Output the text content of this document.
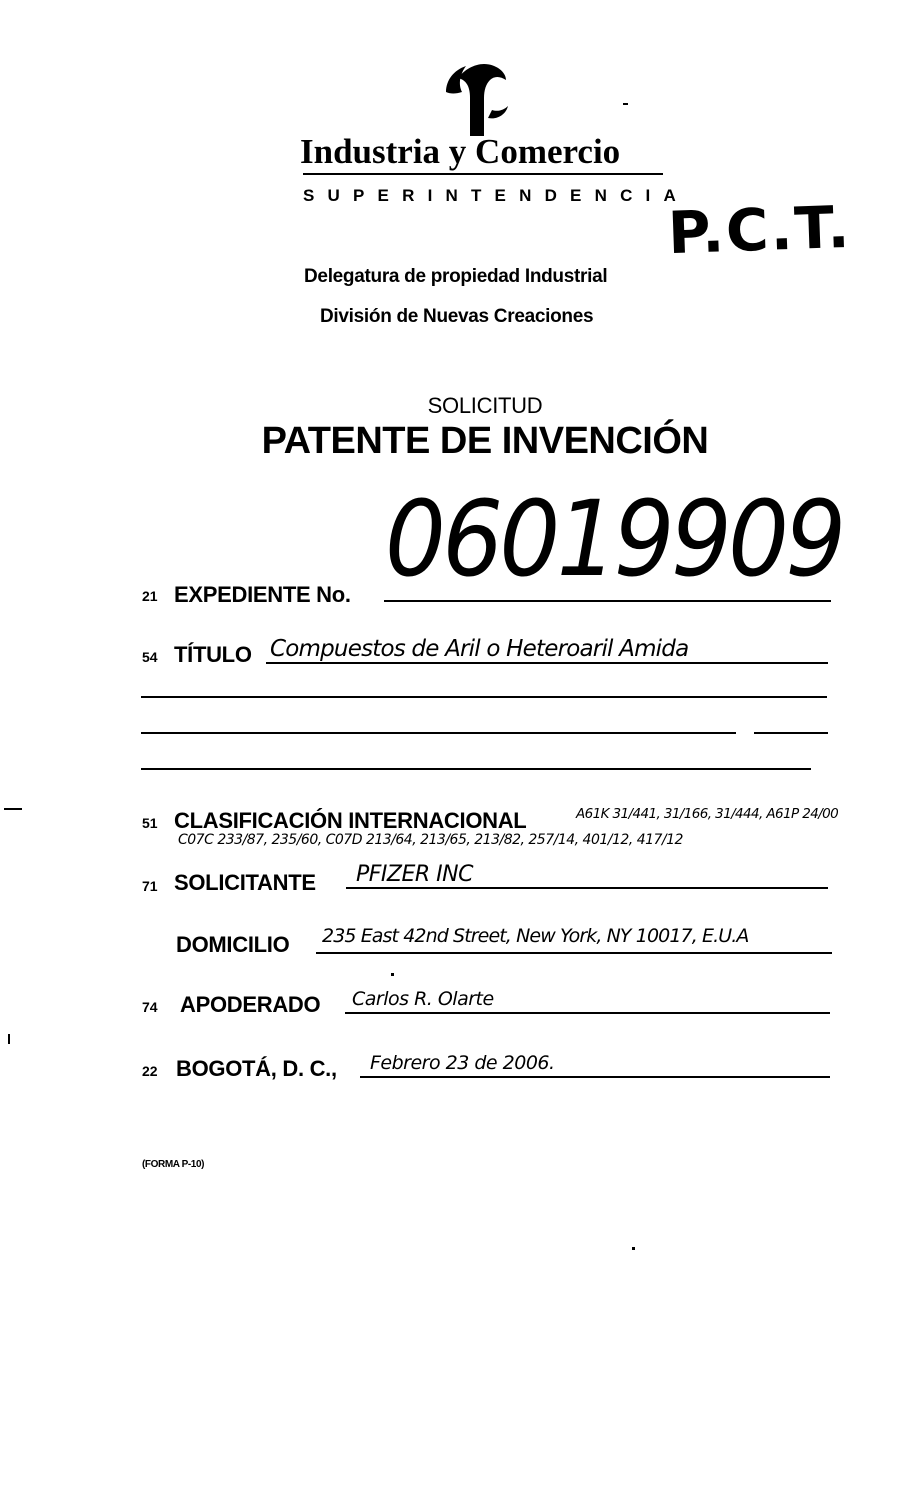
Industria y Comercio
SUPERINTENDENCIA
P.C.T.
Delegatura de propiedad Industrial
División de Nuevas Creaciones
SOLICITUD
PATENTE DE INVENCIÓN
21 EXPEDIENTE No. 06019909
54 TÍTULO Compuestos de Aril o Heteroaril Amida
51 CLASIFICACIÓN INTERNACIONAL	A61K 31/441, 31/166, 31/444, A61P 24/00
C07C 233/87, 235/60, C07D 213/64, 213/65, 213/82, 257/14, 401/12, 417/12
71 SOLICITANTE PFIZER INC
DOMICILIO 235 East 42nd Street, New York, NY 10017, E.U.A
74 APODERADO Carlos R. Olarte
22 BOGOTÁ, D. C., Febrero 23 de 2006.
(FORMA P-10)
